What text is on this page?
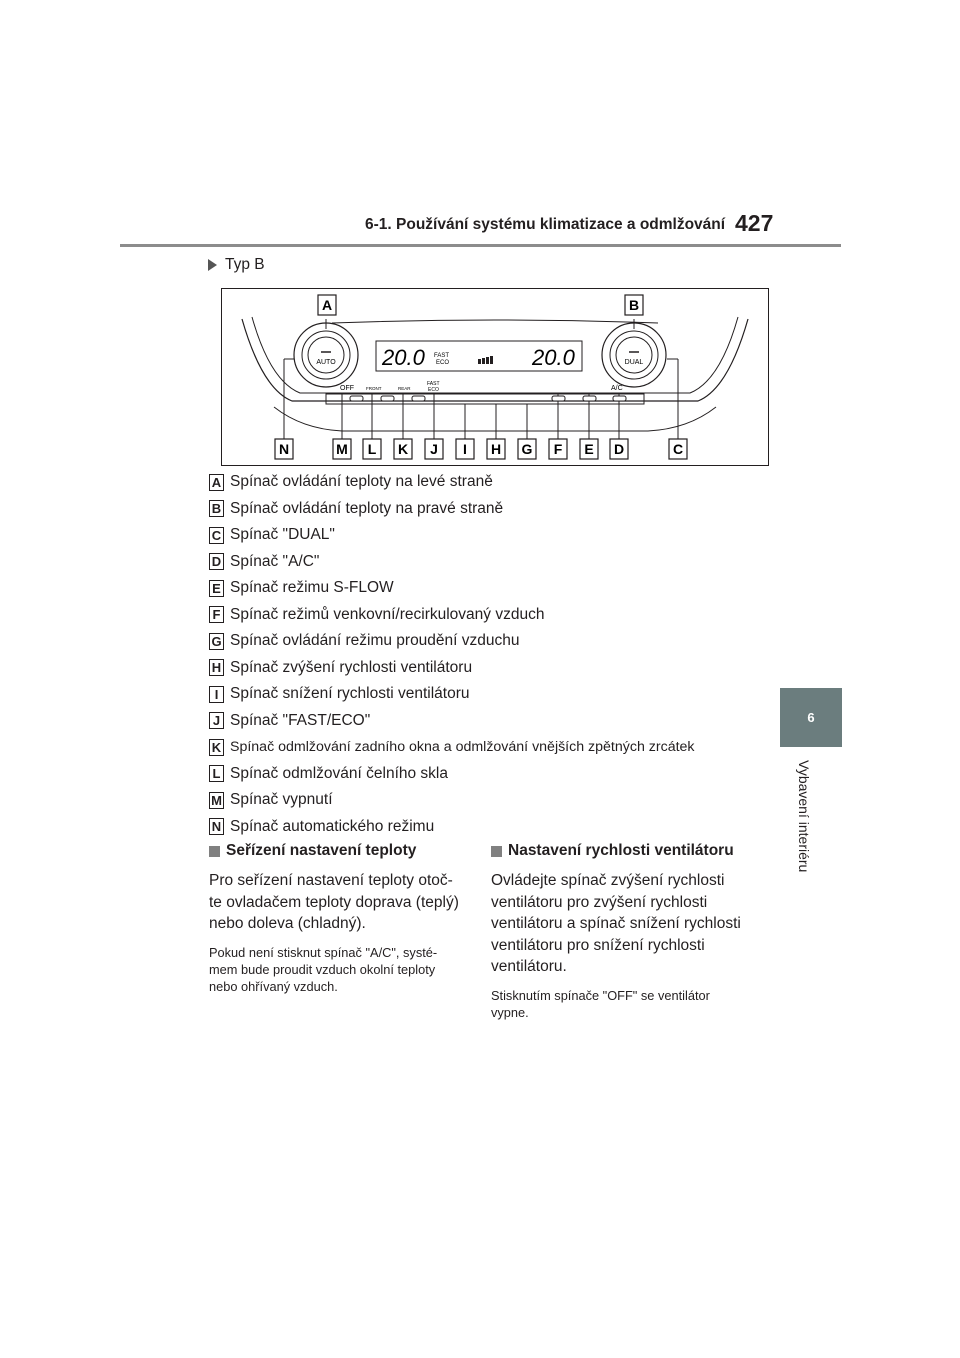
6-1. Používání systému klimatizace a odmlžování 427
6
Vybavení interiéru
Typ B
AUTO	DUAL
20.0 FAST
ECO	20.0
OFF	FRONT	REAR
FAST
ECO	A/C
A	B
N	M L K J I H G F E D	C
A Spínač ovládání teploty na levé straně
B Spínač ovládání teploty na pravé straně
C Spínač "DUAL"
D Spínač "A/C"
E Spínač režimu S-FLOW
F Spínač režimů venkovní/recirkulovaný vzduch
G Spínač ovládání režimu proudění vzduchu
H Spínač zvýšení rychlosti ventilátoru
I Spínač snížení rychlosti ventilátoru
J Spínač "FAST/ECO"
K Spínač odmlžování zadního okna a odmlžování vnějších zpětných zrcátek
L Spínač odmlžování čelního skla
M Spínač vypnutí
N Spínač automatického režimu
Seřízení nastavení teploty

Pro seřízení nastavení teploty otoč-te ovladačem teploty doprava (teplý) nebo doleva (chladný).

Pokud není stisknut spínač "A/C", systé-mem bude proudit vzduch okolní teploty nebo ohřívaný vzduch.

Nastavení rychlosti ventilátoru

Ovládejte spínač zvýšení rychlosti ventilátoru pro zvýšení rychlosti ventilátoru a spínač snížení rychlosti ventilátoru pro snížení rychlosti ventilátoru.

Stisknutím spínače "OFF" se ventilátor vypne.
